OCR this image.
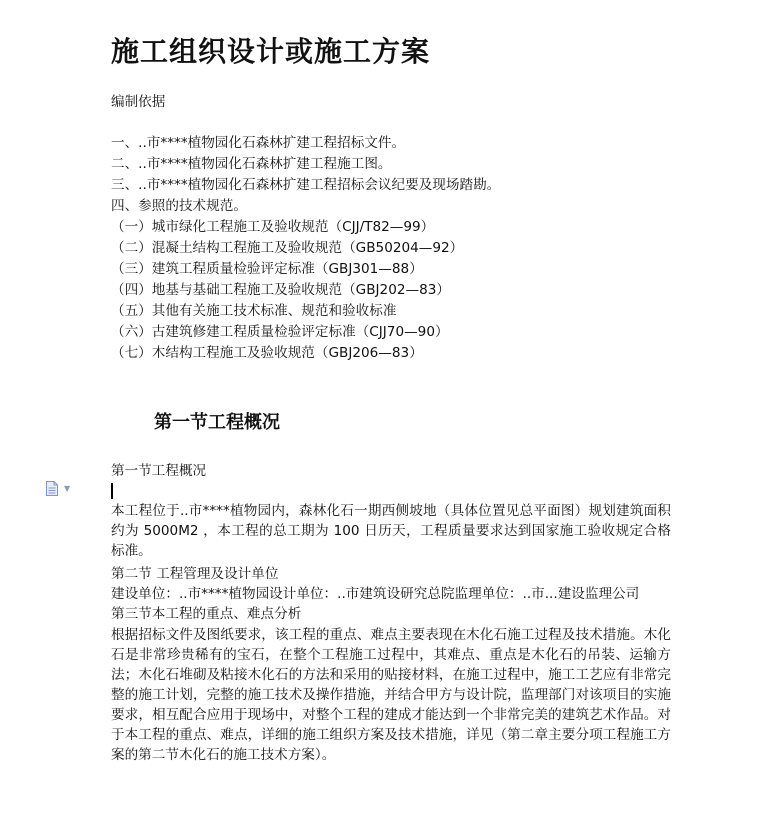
施工组织设计或施工方案

编制依据

一、..市****植物园化石森林扩建工程招标文件。
二、..市****植物园化石森林扩建工程施工图。
三、..市****植物园化石森林扩建工程招标会议纪要及现场踏勘。
四、参照的技术规范。
（一）城市绿化工程施工及验收规范（CJJ/T82—99）
（二）混凝土结构工程施工及验收规范（GB50204—92）
（三）建筑工程质量检验评定标准（GBJ301—88）
（四）地基与基础工程施工及验收规范（GBJ202—83）
（五）其他有关施工技术标准、规范和验收标准
（六）古建筑修建工程质量检验评定标准（CJJ70—90）
（七）木结构工程施工及验收规范（GBJ206—83）
第一节工程概况

第一节工程概况

▼

本工程位于..市****植物园内，森林化石一期西侧坡地（具体位置见总平面图）规划建筑面积约为 5000M2 ，本工程的总工期为 100 日历天，工程质量要求达到国家施工验收规定合格标准。

第二节 工程管理及设计单位

建设单位：..市****植物园设计单位：..市建筑设研究总院监理单位：..市...建设监理公司

第三节本工程的重点、难点分析

根据招标文件及图纸要求，该工程的重点、难点主要表现在木化石施工过程及技术措施。木化石是非常珍贵稀有的宝石，在整个工程施工过程中，其难点、重点是木化石的吊装、运输方法；木化石堆砌及粘接木化石的方法和采用的贴接材料，在施工过程中，施工工艺应有非常完整的施工计划，完整的施工技术及操作措施，并结合甲方与设计院，监理部门对该项目的实施要求，相互配合应用于现场中，对整个工程的建成才能达到一个非常完美的建筑艺术作品。对于本工程的重点、难点，详细的施工组织方案及技术措施，详见（第二章主要分项工程施工方案的第二节木化石的施工技术方案）。
